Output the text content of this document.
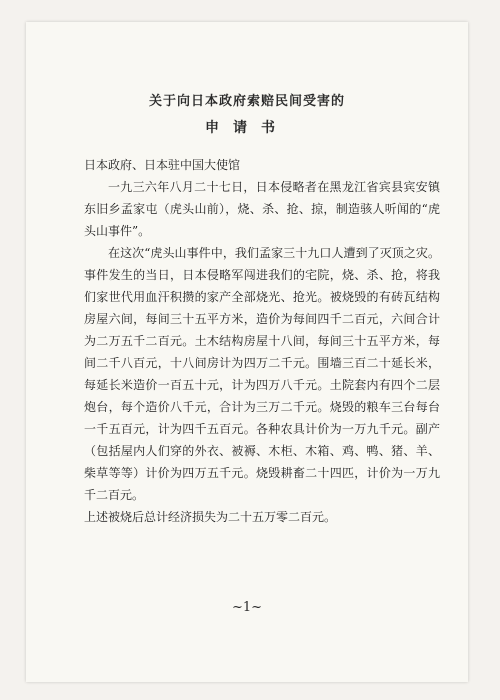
关于向日本政府索赔民间受害的
申请书

日本政府、日本驻中国大使馆

一九三六年八月二十七日，日本侵略者在黑龙江省宾县宾安镇东旧乡孟家屯（虎头山前），烧、杀、抢、掠，制造骇人听闻的“虎头山事件”。

在这次“虎头山事件中，我们孟家三十九口人遭到了灭顶之灾。事件发生的当日，日本侵略军闯进我们的宅院，烧、杀、抢，将我们家世代用血汗积攒的家产全部烧光、抢光。被烧毁的有砖瓦结构房屋六间，每间三十五平方米，造价为每间四千二百元，六间合计为二万五千二百元。土木结构房屋十八间，每间三十五平方米，每间二千八百元，十八间房计为四万二千元。围墙三百二十延长米，每延长米造价一百五十元，计为四万八千元。土院套内有四个二层炮台，每个造价八千元，合计为三万二千元。烧毁的粮车三台每台一千五百元，计为四千五百元。各种农具计价为一万九千元。副产（包括屋内人们穿的外衣、被褥、木柜、木箱、鸡、鸭、猪、羊、柴草等等）计价为四万五千元。烧毁耕畜二十四匹，计价为一万九千二百元。

上述被烧后总计经济损失为二十五万零二百元。

~1~
